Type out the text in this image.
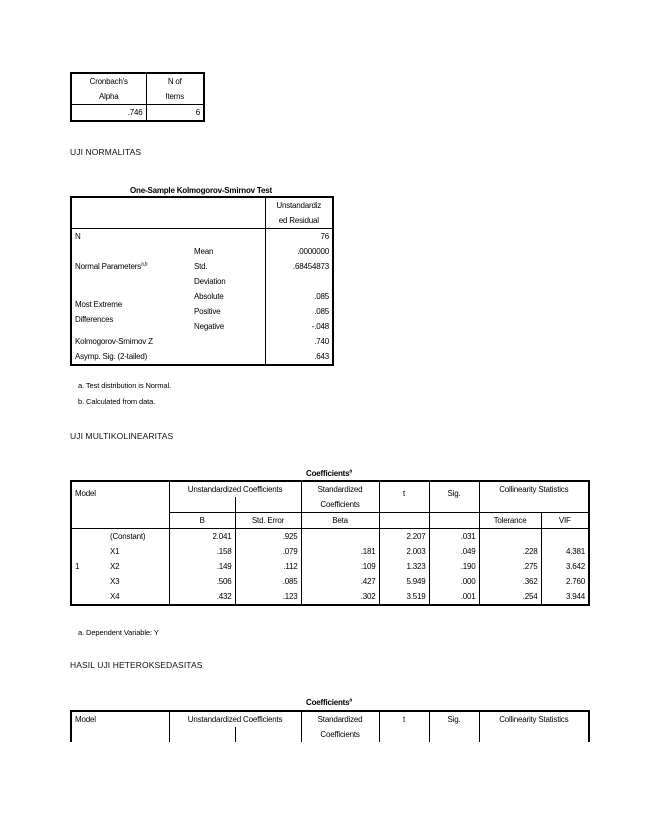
Cronbach's	N of
Alpha	Items
.746	6
UJI NORMALITAS
One-Sample Kolmogorov-Smirnov Test
		Unstandardiz
		ed Residual
N		76
Normal Parameters$^{a,b}$	Mean	.0000000
	Std.	.68454873
	Deviation	

Most Extreme
Differences	Absolute	.085
	Positive	.085
	Negative	-.048
Kolmogorov-Smirnov Z		.740
Asymp. Sig. (2-tailed)		.643
a. Test distribution is Normal.
b. Calculated from data.
UJI MULTIKOLINEARITAS
Coefficients$^a$
Model		Unstandardized Coefficients		Standardized	t	Sig.	Collinearity Statistics	
				Coefficients				
		B	Std. Error	Beta			Tolerance	VIF
1	(Constant)	2.041	.925		2.207	.031		
	X1	.158	.079	.181	2.003	.049	.228	4.381
	X2	.149	.112	.109	1.323	.190	.275	3.642
	X3	.506	.085	.427	5.949	.000	.362	2.760
	X4	.432	.123	.302	3.519	.001	.254	3.944
a. Dependent Variable: Y
HASIL UJI HETEROKSEDASITAS
Coefficients$^a$
Model	Unstandardized Coefficients		Standardized	t	Sig.	Collinearity Statistics	
			Coefficients				
